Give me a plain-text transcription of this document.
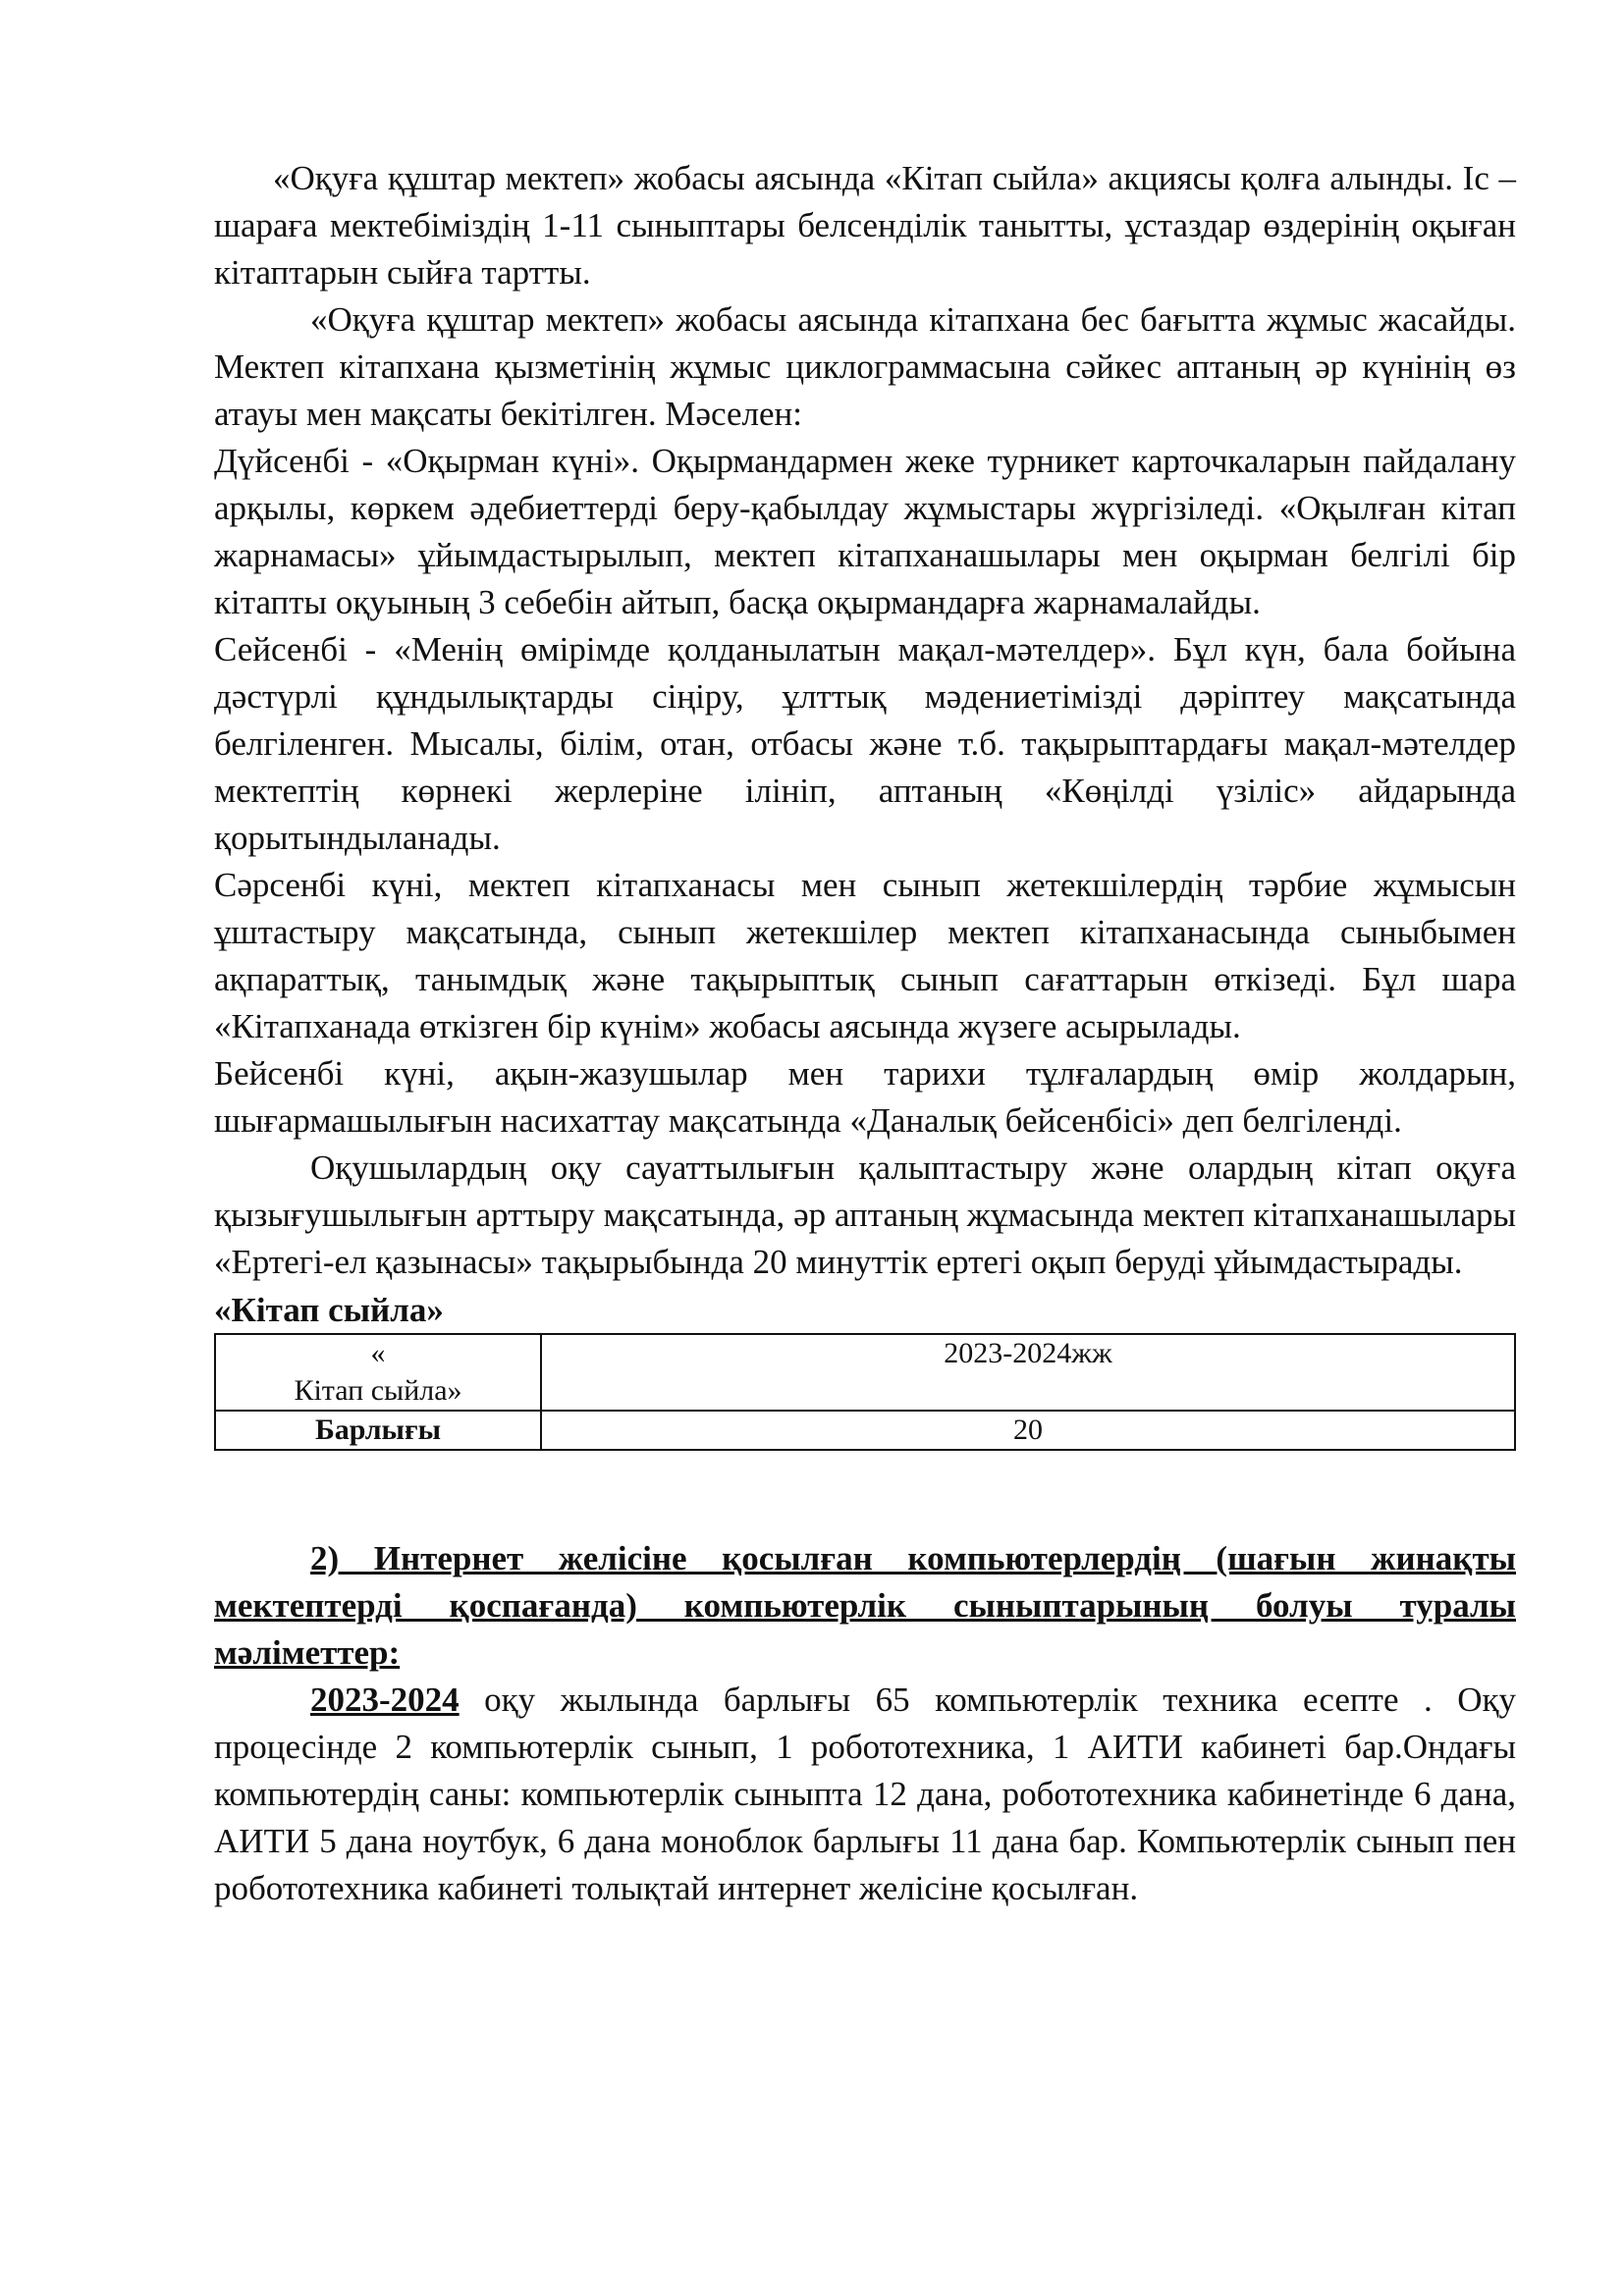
«Оқуға құштар мектеп» жобасы аясында «Кітап сыйла» акциясы қолға алынды. Іс – шараға мектебіміздің 1-11 сыныптары белсенділік танытты, ұстаздар өздерінің оқыған кітаптарын сыйға тартты.

«Оқуға құштар мектеп» жобасы аясында кітапхана бес бағытта жұмыс жасайды. Мектеп кітапхана қызметінің жұмыс циклограммасына сәйкес аптаның әр күнінің өз атауы мен мақсаты бекітілген. Мәселен:

Дүйсенбі - «Оқырман күні». Оқырмандармен жеке турникет карточкаларын пайдалану арқылы, көркем әдебиеттерді беру-қабылдау жұмыстары жүргізіледі. «Оқылған кітап жарнамасы» ұйымдастырылып, мектеп кітапханашылары мен оқырман белгілі бір кітапты оқуының 3 себебін айтып, басқа оқырмандарға жарнамалайды.

Сейсенбі - «Менің өмірімде қолданылатын мақал-мәтелдер». Бұл күн, бала бойына дәстүрлі құндылықтарды сіңіру, ұлттық мәдениетімізді дәріптеу мақсатында белгіленген. Мысалы, білім, отан, отбасы және т.б. тақырыптардағы мақал-мәтелдер мектептің көрнекі жерлеріне ілініп, аптаның «Көңілді үзіліс» айдарында қорытындыланады.

Сәрсенбі күні, мектеп кітапханасы мен сынып жетекшілердің тәрбие жұмысын ұштастыру мақсатында, сынып жетекшілер мектеп кітапханасында сыныбымен ақпараттық, танымдық және тақырыптық сынып сағаттарын өткізеді. Бұл шара «Кітапханада өткізген бір күнім» жобасы аясында жүзеге асырылады.

Бейсенбі күні, ақын-жазушылар мен тарихи тұлғалардың өмір жолдарын, шығармашылығын насихаттау мақсатында «Даналық бейсенбісі» деп белгіленді.

Оқушылардың оқу сауаттылығын қалыптастыру және олардың кітап оқуға қызығушылығын арттыру мақсатында, әр аптаның жұмасында мектеп кітапханашылары «Ертегі-ел қазынасы» тақырыбында 20 минуттік ертегі оқып беруді ұйымдастырады.

«Кітап сыйла»

«
Кітап сыйла»	2023-2024жж
Барлығы	20

2) Интернет желісіне қосылған компьютерлердің (шағын жинақты мектептерді қоспағанда) компьютерлік сыныптарының болуы туралы мәліметтер:

2023-2024 оқу жылында барлығы 65 компьютерлік техника есепте . Оқу процесінде 2 компьютерлік сынып, 1 робототехника, 1 АИТИ кабинеті бар.Ондағы компьютердің саны: компьютерлік сыныпта 12 дана, робототехника кабинетінде 6 дана, АИТИ 5 дана ноутбук, 6 дана моноблок барлығы 11 дана бар. Компьютерлік сынып пен робототехника кабинеті толықтай интернет желісіне қосылған.
